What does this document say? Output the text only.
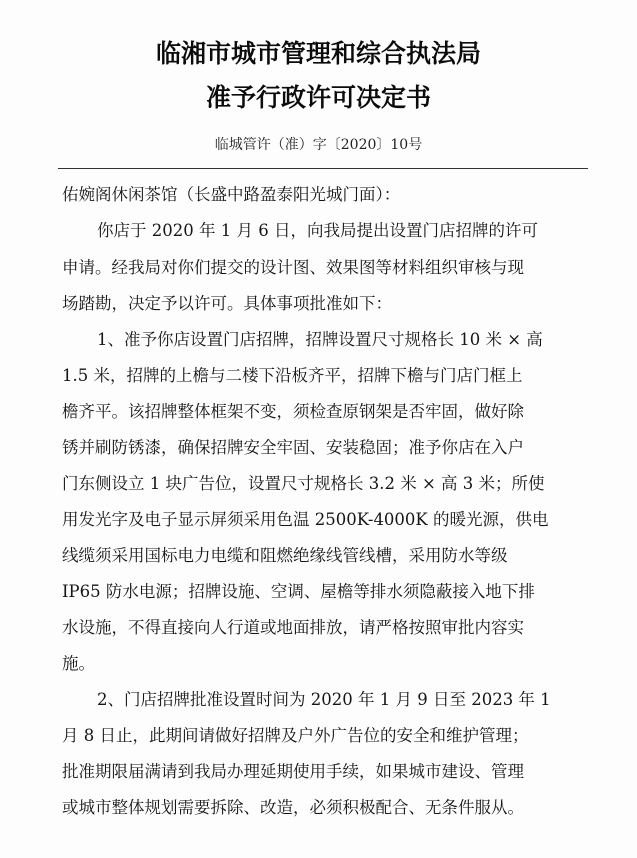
临湘市城市管理和综合执法局
准予行政许可决定书
临城管许（准）字〔2020〕10号
佑婉阁休闲茶馆（长盛中路盈泰阳光城门面）：
你店于 2020 年 1 月 6 日，向我局提出设置门店招牌的许可
申请。经我局对你们提交的设计图、效果图等材料组织审核与现
场踏勘，决定予以许可。具体事项批准如下：
1、准予你店设置门店招牌，招牌设置尺寸规格长 10 米 × 高
1.5 米，招牌的上檐与二楼下沿板齐平，招牌下檐与门店门框上
檐齐平。该招牌整体框架不变，须检查原钢架是否牢固，做好除
锈并刷防锈漆，确保招牌安全牢固、安装稳固；准予你店在入户
门东侧设立 1 块广告位，设置尺寸规格长 3.2 米 × 高 3 米；所使
用发光字及电子显示屏须采用色温 2500K-4000K 的暖光源，供电
线缆须采用国标电力电缆和阻燃绝缘线管线槽，采用防水等级
IP65 防水电源；招牌设施、空调、屋檐等排水须隐蔽接入地下排
水设施，不得直接向人行道或地面排放，请严格按照审批内容实
施。
2、门店招牌批准设置时间为 2020 年 1 月 9 日至 2023 年 1
月 8 日止，此期间请做好招牌及户外广告位的安全和维护管理；
批准期限届满请到我局办理延期使用手续，如果城市建设、管理
或城市整体规划需要拆除、改造，必须积极配合、无条件服从。
